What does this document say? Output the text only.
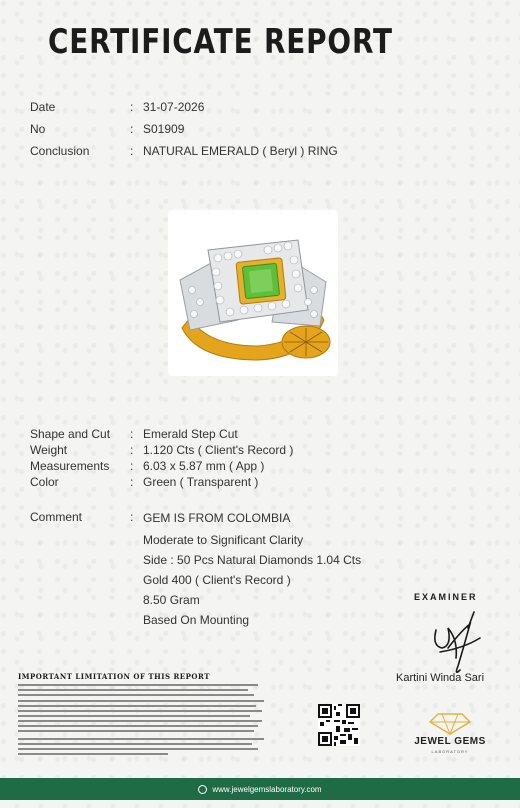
CERTIFICATE REPORT
Date	: 31-07-2026
No	: S01909
Conclusion	: NATURAL EMERALD ( Beryl ) RING
Shape and Cut	: Emerald Step Cut
Weight	: 1.120 Cts ( Client's Record )
Measurements	: 6.03 x 5.87 mm ( App )
Color	: Green ( Transparent )
Comment	: GEM IS FROM COLOMBIA
Moderate to Significant Clarity
Side : 50 Pcs Natural Diamonds 1.04 Cts
Gold 400 ( Client's Record )
8.50 Gram
Based On Mounting
EXAMINER
Kartini Winda Sari
IMPORTANT LIMITATION OF THIS REPORT
JEWEL GEMS
LABORATORY
www.jewelgemslaboratory.com
